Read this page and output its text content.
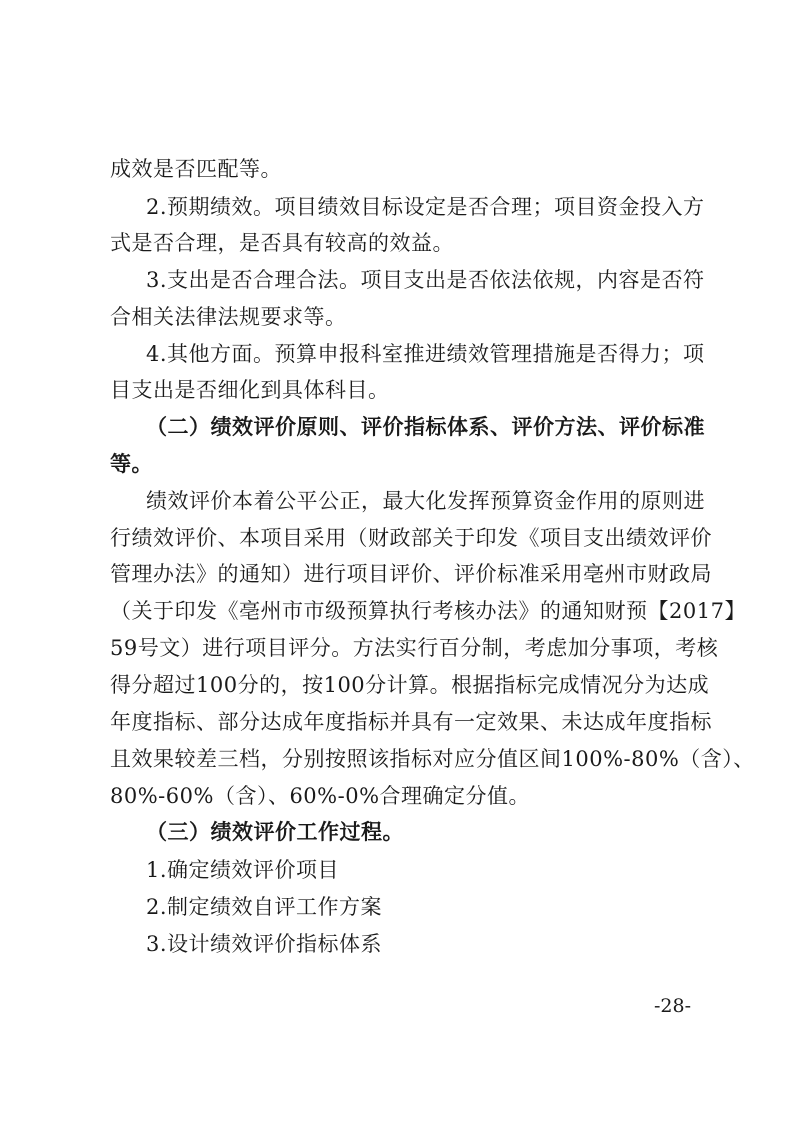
成效是否匹配等。
2.预期绩效。项目绩效目标设定是否合理；项目资金投入方
式是否合理，是否具有较高的效益。
3.支出是否合理合法。项目支出是否依法依规，内容是否符
合相关法律法规要求等。
4.其他方面。预算申报科室推进绩效管理措施是否得力；项
目支出是否细化到具体科目。
（二）绩效评价原则、评价指标体系、评价方法、评价标准
等。
绩效评价本着公平公正，最大化发挥预算资金作用的原则进
行绩效评价、本项目采用（财政部关于印发《项目支出绩效评价
管理办法》的通知）进行项目评价、评价标准采用亳州市财政局
（关于印发《亳州市市级预算执行考核办法》的通知财预【2017】
59号文）进行项目评分。方法实行百分制，考虑加分事项，考核
得分超过100分的，按100分计算。根据指标完成情况分为达成
年度指标、部分达成年度指标并具有一定效果、未达成年度指标
且效果较差三档，分别按照该指标对应分值区间100%-80%（含）、
80%-60%（含）、60%-0%合理确定分值。
（三）绩效评价工作过程。
1.确定绩效评价项目
2.制定绩效自评工作方案
3.设计绩效评价指标体系
-28-
